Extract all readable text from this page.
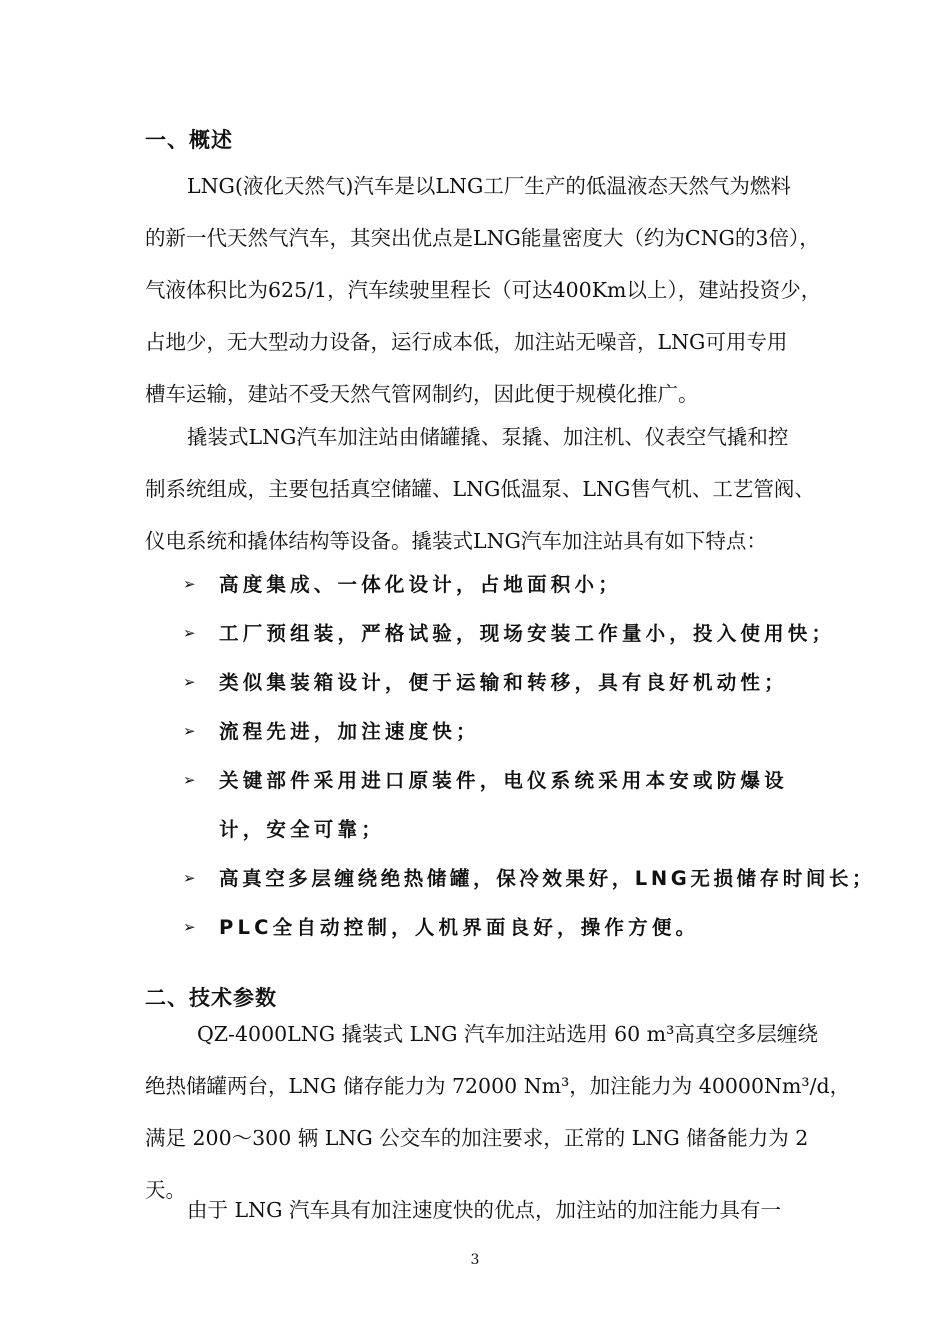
一、概述

LNG(液化天然气)汽车是以LNG工厂生产的低温液态天然气为燃料

的新一代天然气汽车，其突出优点是LNG能量密度大（约为CNG的3倍），

气液体积比为625/1，汽车续驶里程长（可达400Km以上），建站投资少，

占地少，无大型动力设备，运行成本低，加注站无噪音，LNG可用专用

槽车运输，建站不受天然气管网制约，因此便于规模化推广。

撬装式LNG汽车加注站由储罐撬、泵撬、加注机、仪表空气撬和控

制系统组成，主要包括真空储罐、LNG低温泵、LNG售气机、工艺管阀、

仪电系统和撬体结构等设备。撬装式LNG汽车加注站具有如下特点：

➢	高度集成、一体化设计，占地面积小；
➢	工厂预组装，严格试验，现场安装工作量小，投入使用快；
➢	类似集装箱设计，便于运输和转移，具有良好机动性；
➢	流程先进，加注速度快；
➢	关键部件采用进口原装件，电仪系统采用本安或防爆设计，安全可靠；
➢	高真空多层缠绕绝热储罐，保冷效果好，LNG无损储存时间长；
➢	PLC全自动控制，人机界面良好，操作方便。
二、技术参数

QZ-4000LNG 撬装式 LNG 汽车加注站选用 60 m³高真空多层缠绕

绝热储罐两台，LNG 储存能力为 72000 Nm³，加注能力为 40000Nm³/d，

满足 200～300 辆 LNG 公交车的加注要求，正常的 LNG 储备能力为 2

天。

由于 LNG 汽车具有加注速度快的优点，加注站的加注能力具有一

3
